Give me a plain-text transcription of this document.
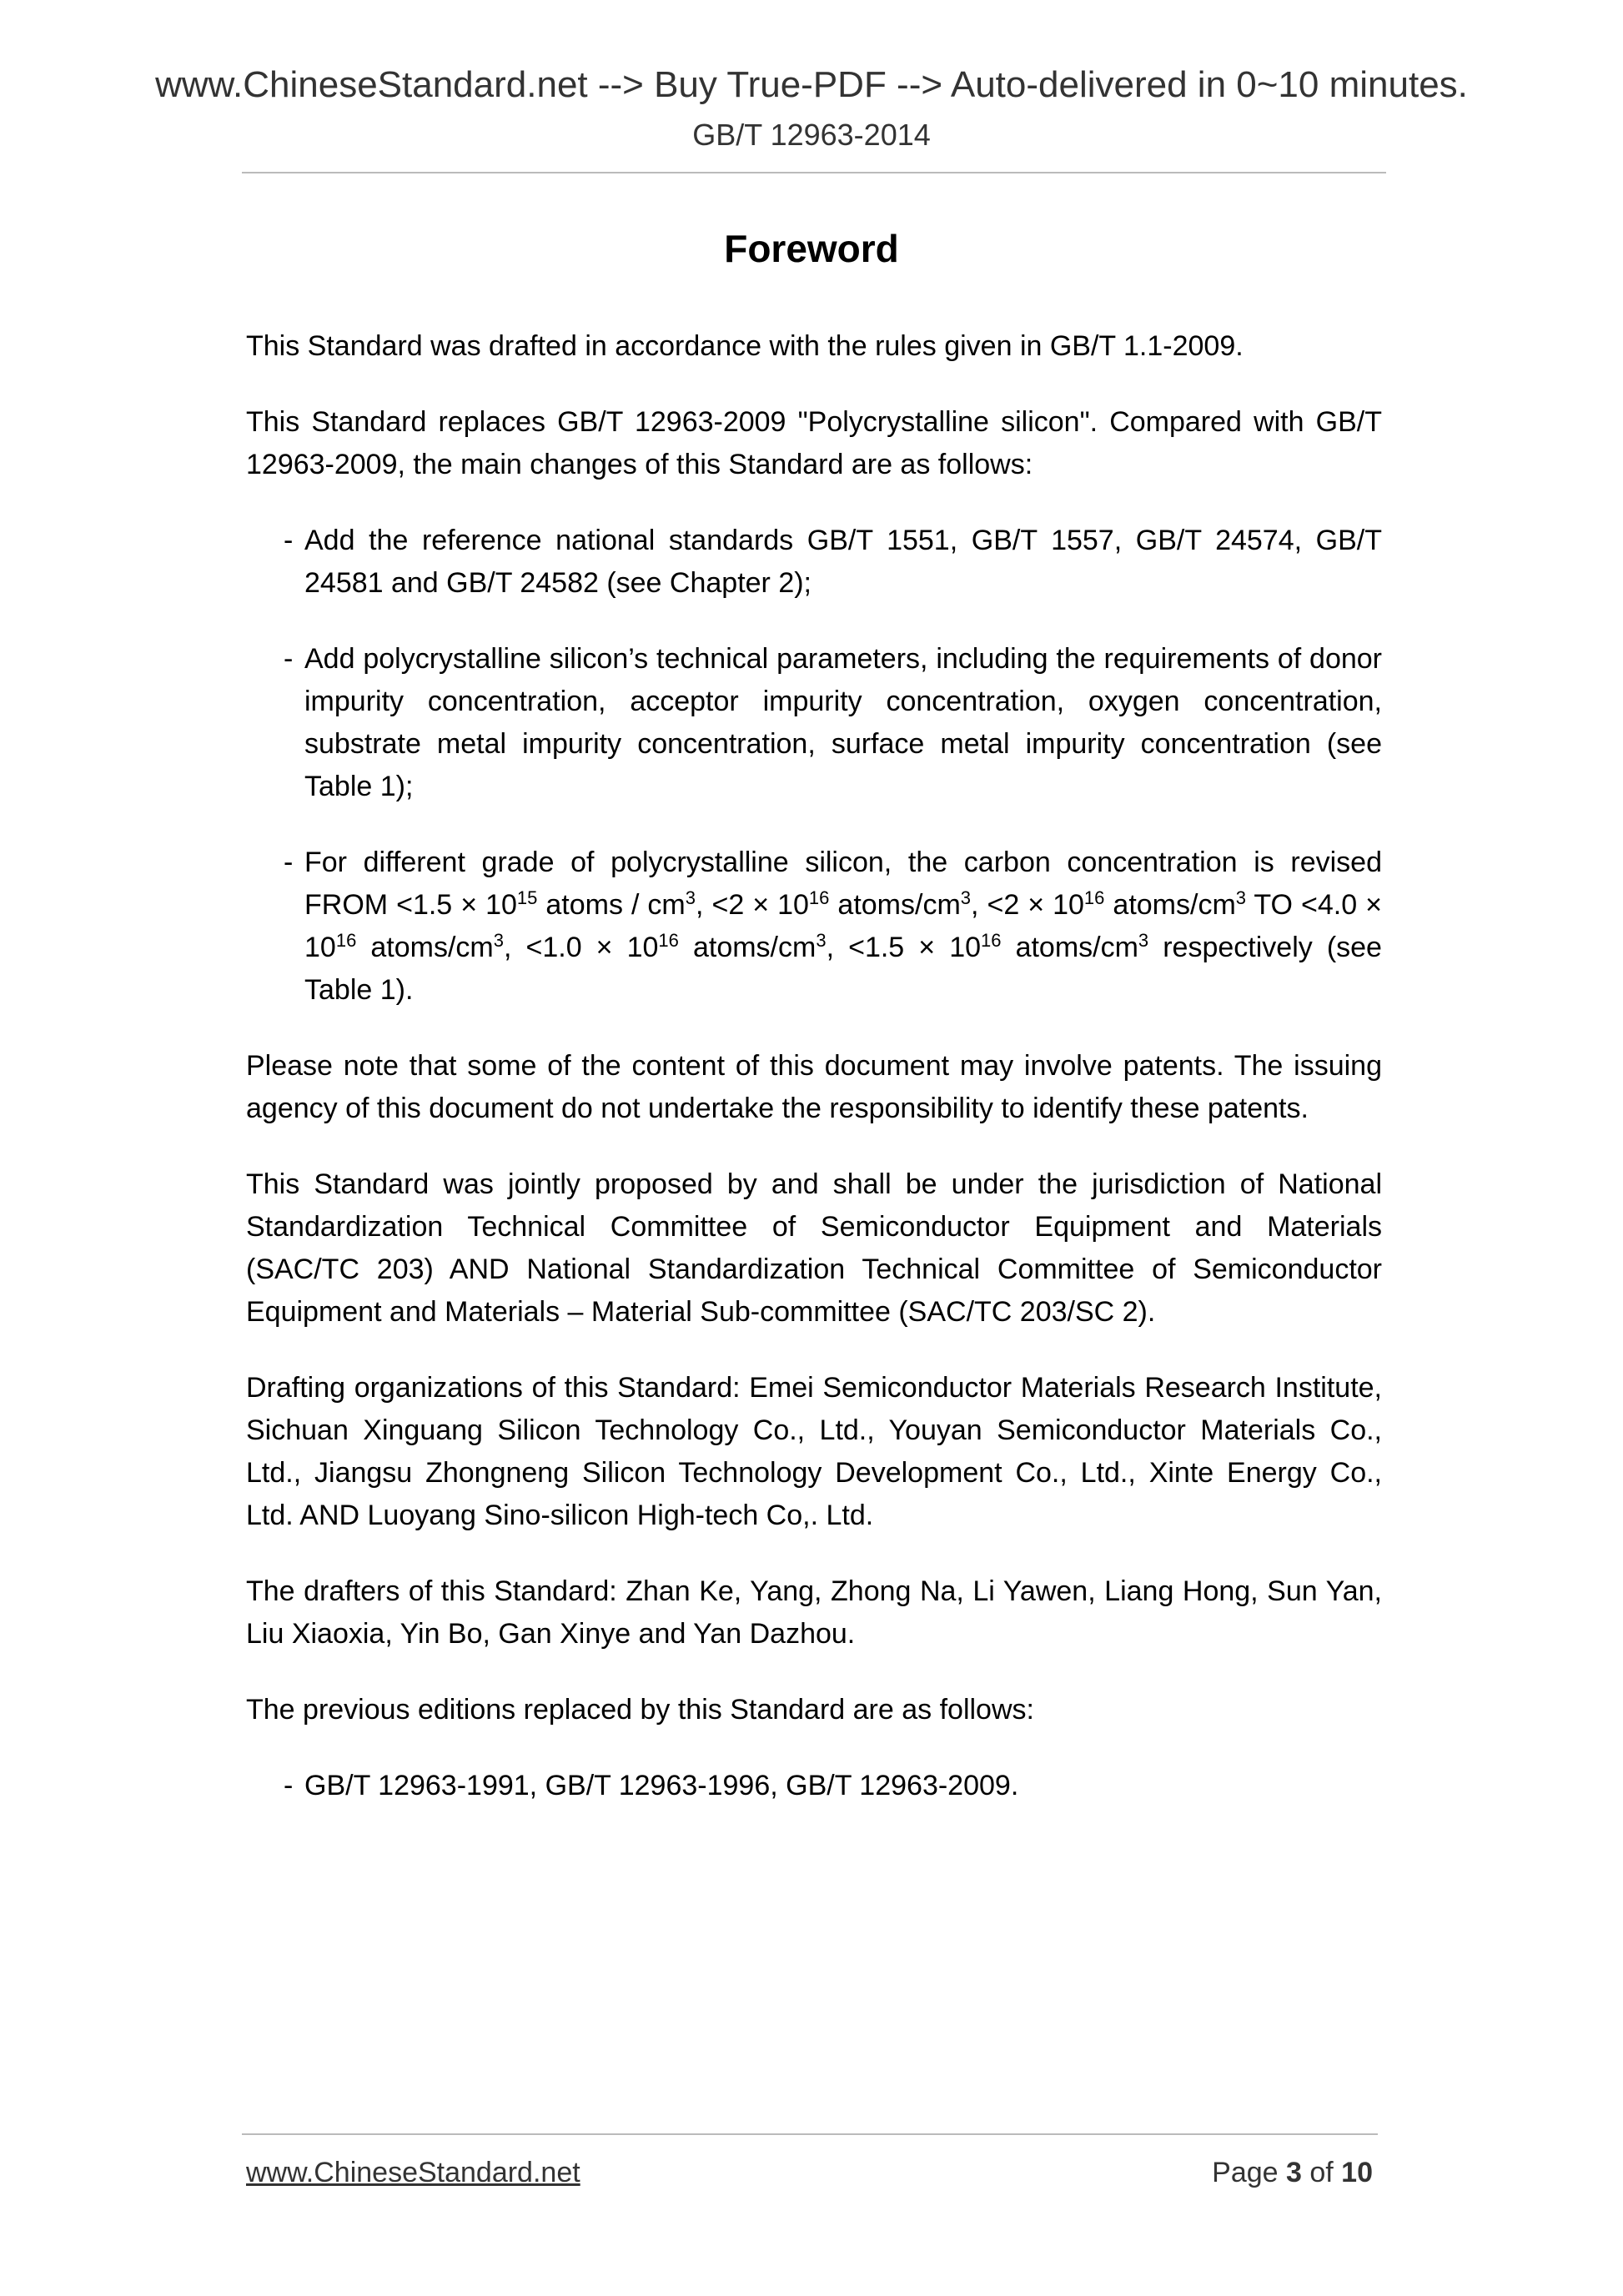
www.ChineseStandard.net --> Buy True-PDF --> Auto-delivered in 0~10 minutes.
GB/T 12963-2014
Foreword

This Standard was drafted in accordance with the rules given in GB/T 1.1-2009.

This Standard replaces GB/T 12963-2009 "Polycrystalline silicon". Compared with GB/T 12963-2009, the main changes of this Standard are as follows:

- Add the reference national standards GB/T 1551, GB/T 1557, GB/T 24574, GB/T 24581 and GB/T 24582 (see Chapter 2);

- Add polycrystalline silicon’s technical parameters, including the requirements of donor impurity concentration, acceptor impurity concentration, oxygen concentration, substrate metal impurity concentration, surface metal impurity concentration (see Table 1);

- For different grade of polycrystalline silicon, the carbon concentration is revised FROM $<1.5 \times 10^{15}$ atoms / $cm^3$, $<2 \times 10^{16}$ atoms/$cm^3$, $<2 \times 10^{16}$ atoms/$cm^3$ TO $<4.0 \times 10^{16}$ atoms/$cm^3$, $<1.0 \times 10^{16}$ atoms/$cm^3$, $<1.5 \times 10^{16}$ atoms/$cm^3$ respectively (see Table 1).

Please note that some of the content of this document may involve patents. The issuing agency of this document do not undertake the responsibility to identify these patents.

This Standard was jointly proposed by and shall be under the jurisdiction of National Standardization Technical Committee of Semiconductor Equipment and Materials (SAC/TC 203) AND National Standardization Technical Committee of Semiconductor Equipment and Materials – Material Sub-committee (SAC/TC 203/SC 2).

Drafting organizations of this Standard: Emei Semiconductor Materials Research Institute, Sichuan Xinguang Silicon Technology Co., Ltd., Youyan Semiconductor Materials Co., Ltd., Jiangsu Zhongneng Silicon Technology Development Co., Ltd., Xinte Energy Co., Ltd. AND Luoyang Sino-silicon High-tech Co,. Ltd.

The drafters of this Standard: Zhan Ke, Yang, Zhong Na, Li Yawen, Liang Hong, Sun Yan, Liu Xiaoxia, Yin Bo, Gan Xinye and Yan Dazhou.

The previous editions replaced by this Standard are as follows:

- GB/T 12963-1991, GB/T 12963-1996, GB/T 12963-2009.

www.ChineseStandard.net	Page 3 of 10
